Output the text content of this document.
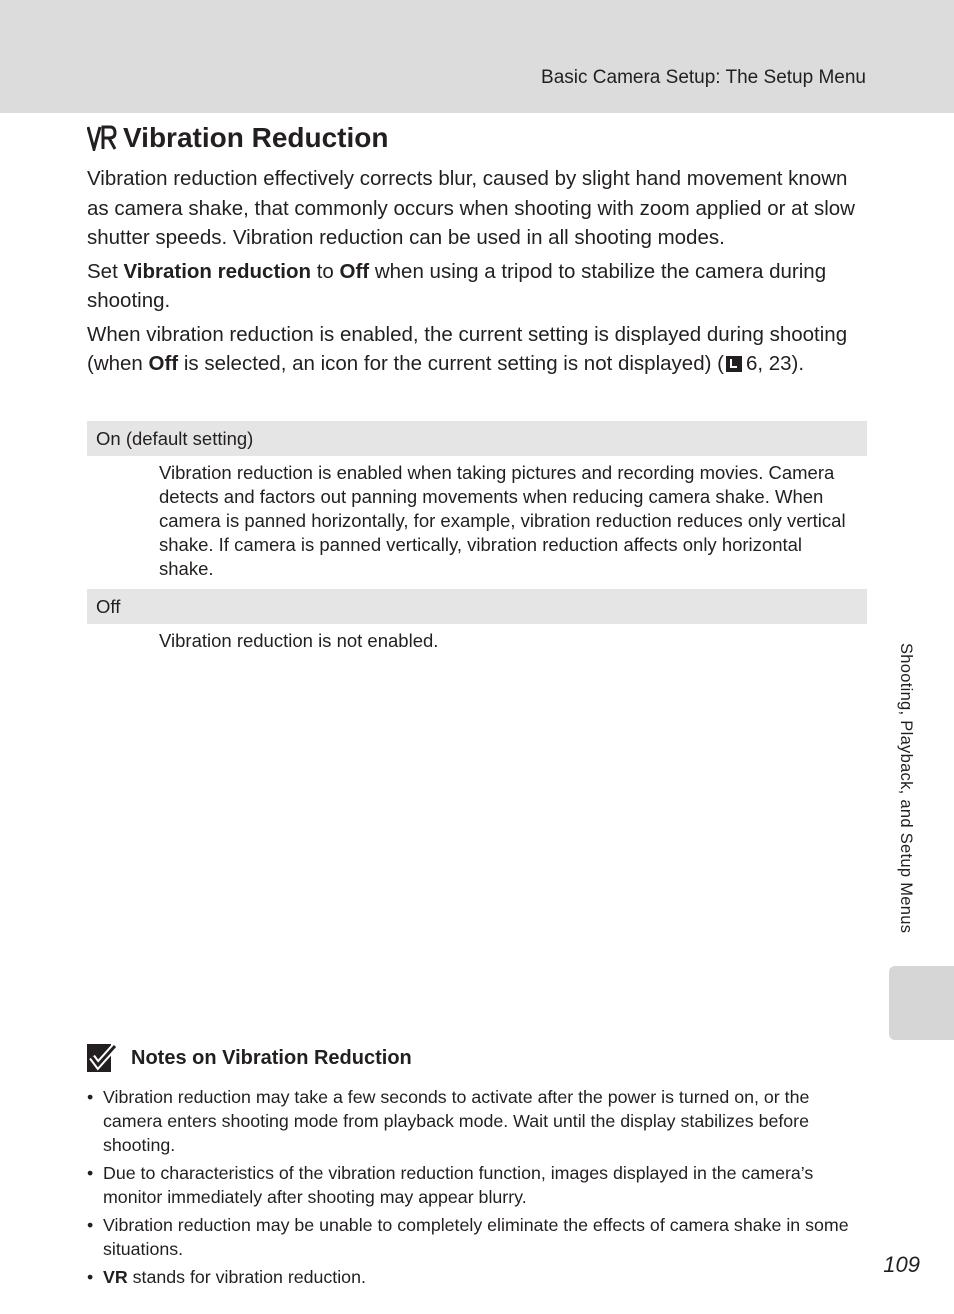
Basic Camera Setup: The Setup Menu
Vibration Reduction

Vibration reduction effectively corrects blur, caused by slight hand movement known as camera shake, that commonly occurs when shooting with zoom applied or at slow shutter speeds. Vibration reduction can be used in all shooting modes.

Set Vibration reduction to Off when using a tripod to stabilize the camera during shooting.

When vibration reduction is enabled, the current setting is displayed during shooting (when Off is selected, an icon for the current setting is not displayed) ( 6, 23).

On (default setting)
Vibration reduction is enabled when taking pictures and recording movies. Camera detects and factors out panning movements when reducing camera shake. When camera is panned horizontally, for example, vibration reduction reduces only vertical shake. If camera is panned vertically, vibration reduction affects only horizontal shake.
Off
Vibration reduction is not enabled.
Notes on Vibration Reduction
• Vibration reduction may take a few seconds to activate after the power is turned on, or the camera enters shooting mode from playback mode. Wait until the display stabilizes before shooting.
• Due to characteristics of the vibration reduction function, images displayed in the camera’s monitor immediately after shooting may appear blurry.
• Vibration reduction may be unable to completely eliminate the effects of camera shake in some situations.
• VR stands for vibration reduction.
Shooting, Playback, and Setup Menus
109
